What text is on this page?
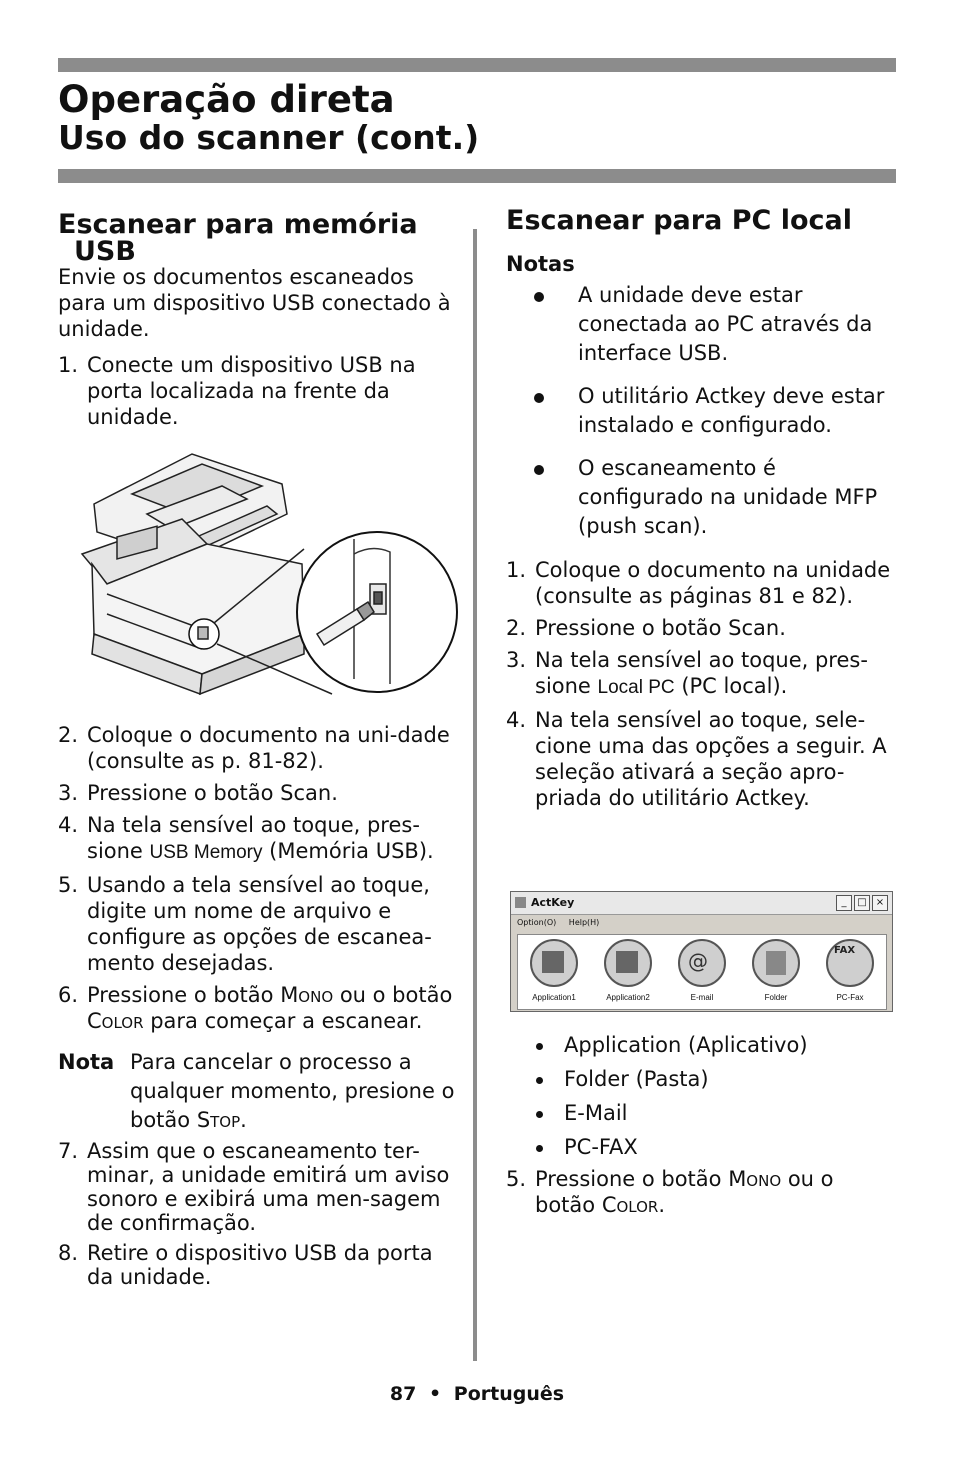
Operação direta
Uso do scanner (cont.)
Escanear para memória
USB

Envie os documentos escaneados para um dispositivo USB conectado à unidade.

1. Conecte um dispositivo USB na porta localizada na frente da unidade.
2. Coloque o documento na uni-dade (consulte as p. 81-82).
3. Pressione o botão Scan.
4. Na tela sensível ao toque, pres-sione USB Memory (Memória USB).
5. Usando a tela sensível ao toque, digite um nome de arquivo e configure as opções de escanea-mento desejadas.
6. Pressione o botão Mono ou o botão Color para começar a escanear.
Nota Para cancelar o processo a qualquer momento, presione o botão Stop.
7. Assim que o escaneamento ter-minar, a unidade emitirá um aviso sonoro e exibirá uma men-sagem de confirmação.
8. Retire o dispositivo USB da porta da unidade.
Escanear para PC local
Notas
A unidade deve estar conectada ao PC através da interface USB.
O utilitário Actkey deve estar instalado e configurado.
O escaneamento é configurado na unidade MFP (push scan).
1. Coloque o documento na unidade (consulte as páginas 81 e 82).
2. Pressione o botão Scan.
3. Na tela sensível ao toque, pres-sione Local PC (PC local).
4. Na tela sensível ao toque, sele-cione uma das opções a seguir. A seleção ativará a seção apro-priada do utilitário Actkey.
ActKey	_	□ ×
Option(O) Help(H)
Application1	Application2
@
E-mail	Folder
FAX
PC-Fax
Application (Aplicativo)
Folder (Pasta)
E-Mail
PC-FAX
5. Pressione o botão Mono ou o botão Color.
87 • Português
